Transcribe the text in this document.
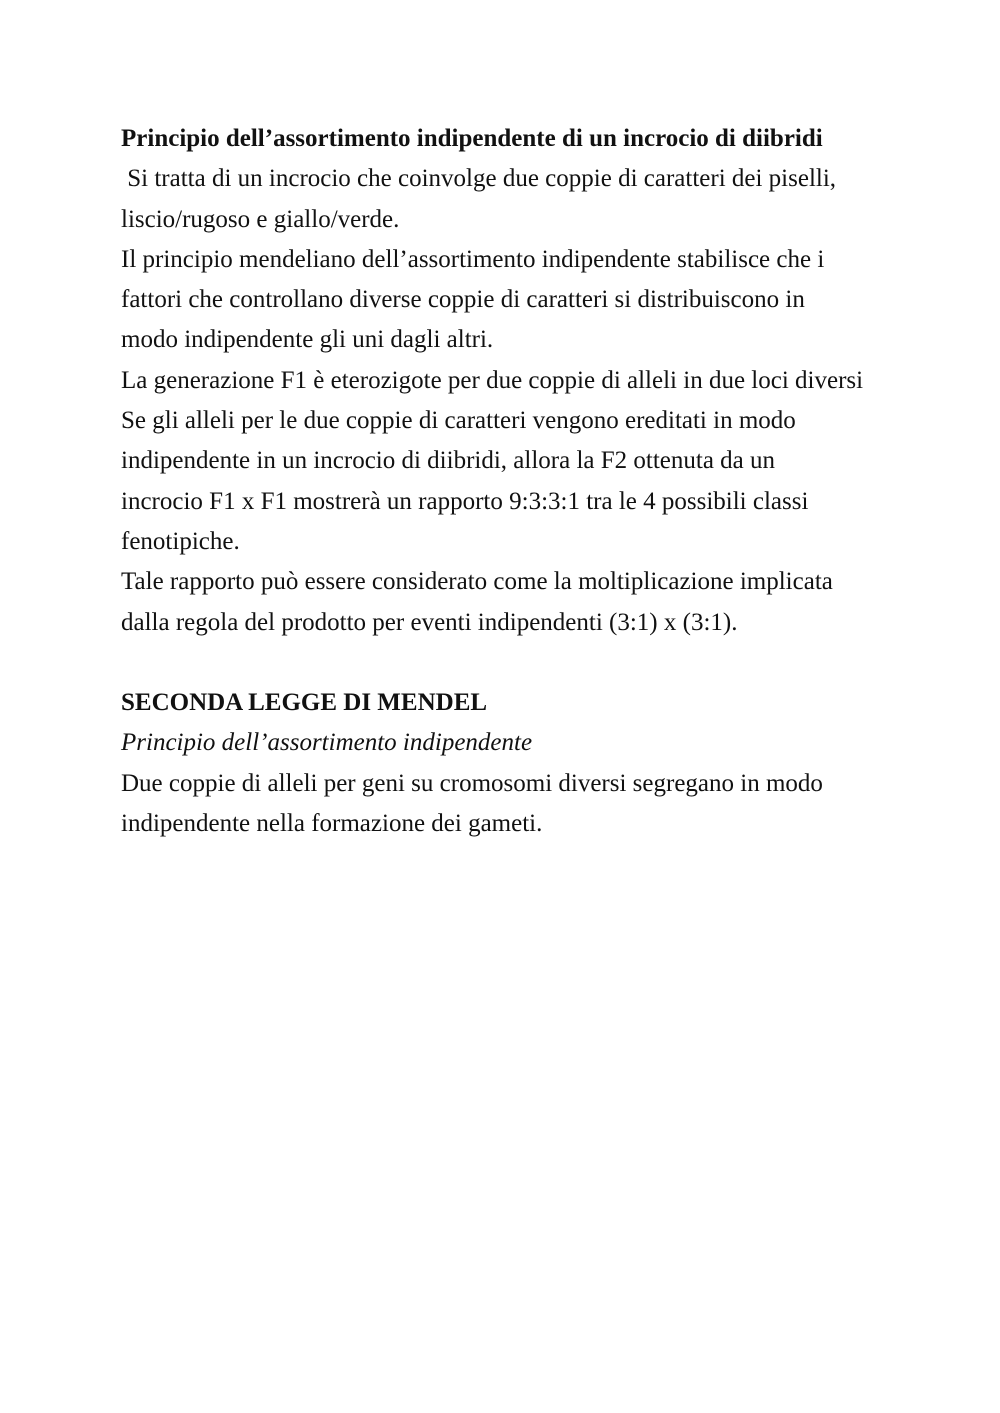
Principio dell’assortimento indipendente di un incrocio di diibridi
Si tratta di un incrocio che coinvolge due coppie di caratteri dei piselli,
liscio/rugoso e giallo/verde.
Il principio mendeliano dell’assortimento indipendente stabilisce che i
fattori che controllano diverse coppie di caratteri si distribuiscono in
modo indipendente gli uni dagli altri.
La generazione F1 è eterozigote per due coppie di alleli in due loci diversi
Se gli alleli per le due coppie di caratteri vengono ereditati in modo
indipendente in un incrocio di diibridi, allora la F2 ottenuta da un
incrocio F1 x F1 mostrerà un rapporto 9:3:3:1 tra le 4 possibili classi
fenotipiche.
Tale rapporto può essere considerato come la moltiplicazione implicata
dalla regola del prodotto per eventi indipendenti (3:1) x (3:1).
SECONDA LEGGE DI MENDEL
Principio dell’assortimento indipendente
Due coppie di alleli per geni su cromosomi diversi segregano in modo
indipendente nella formazione dei gameti.
